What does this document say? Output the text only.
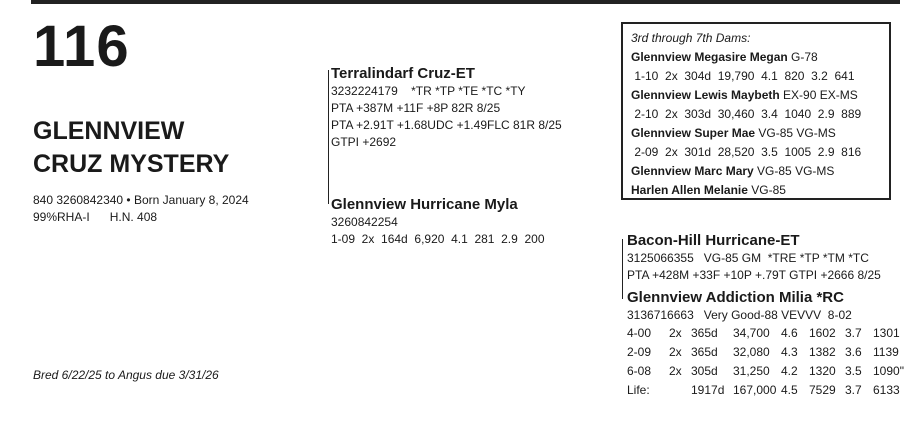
116
GLENNVIEW
CRUZ MYSTERY
840 3260842340 • Born January 8, 2024
99%RHA-I      H.N. 408
Bred 6/22/25 to Angus due 3/31/26
Terralindarf Cruz-ET
3232224179    *TR *TP *TE *TC *TY
PTA +387M +11F +8P 82R 8/25
PTA +2.91T +1.68UDC +1.49FLC 81R 8/25
GTPI +2692
Glennview Hurricane Myla
3260842254
1-09  2x  164d  6,920  4.1  281  2.9  200
3rd through 7th Dams:
Glennview Megasire Megan G-78
1-10  2x  304d  19,790  4.1  820  3.2  641
Glennview Lewis Maybeth EX-90 EX-MS
2-10  2x  303d  30,460  3.4  1040  2.9  889
Glennview Super Mae VG-85 VG-MS
2-09  2x  301d  28,520  3.5  1005  2.9  816
Glennview Marc Mary VG-85 VG-MS
Harlen Allen Melanie VG-85
Bacon-Hill Hurricane-ET
3125066355   VG-85 GM  *TRE *TP *TM *TC
PTA +428M +33F +10P +.79T GTPI +2666 8/25
Glennview Addiction Milia *RC
3136716663   Very Good-88 VEVVV  8-02
4-00	2x 365d	34,700 4.6 1602 3.7 1301
2-09	2x 365d	32,080 4.3 1382 3.6 1139
6-08	2x 305d	31,250 4.2 1320 3.5 1090"
Life:	1917d 167,000 4.5 7529 3.7 6133
